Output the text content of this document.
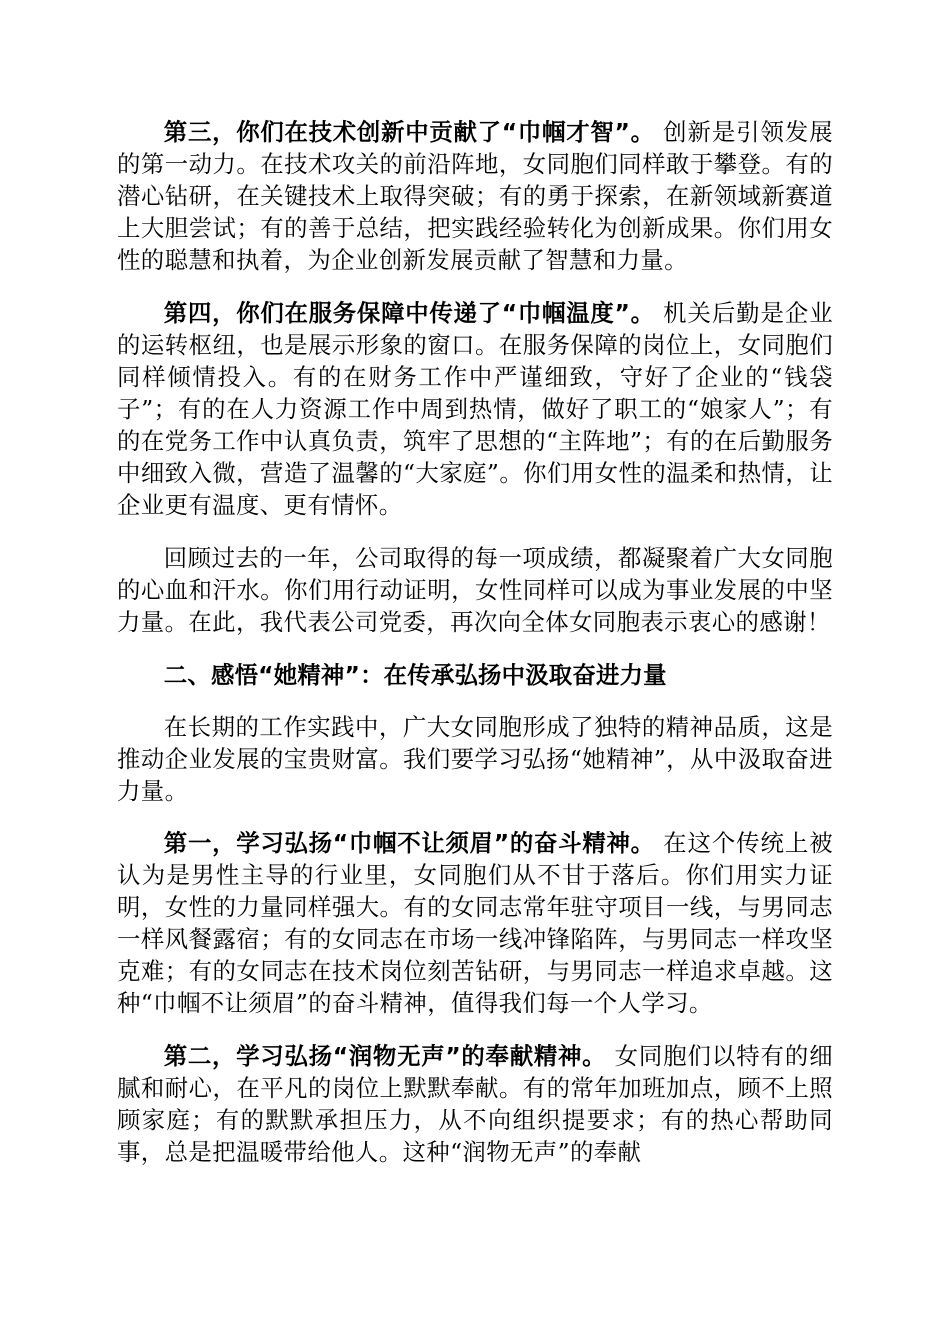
第三，你们在技术创新中贡献了“巾帼才智”。 创新是引领发展的第一动力。在技术攻关的前沿阵地，女同胞们同样敢于攀登。有的潜心钻研，在关键技术上取得突破；有的勇于探索，在新领域新赛道上大胆尝试；有的善于总结，把实践经验转化为创新成果。你们用女性的聪慧和执着，为企业创新发展贡献了智慧和力量。

第四，你们在服务保障中传递了“巾帼温度”。 机关后勤是企业的运转枢纽，也是展示形象的窗口。在服务保障的岗位上，女同胞们同样倾情投入。有的在财务工作中严谨细致，守好了企业的“钱袋子”；有的在人力资源工作中周到热情，做好了职工的“娘家人”；有的在党务工作中认真负责，筑牢了思想的“主阵地”；有的在后勤服务中细致入微，营造了温馨的“大家庭”。你们用女性的温柔和热情，让企业更有温度、更有情怀。

回顾过去的一年，公司取得的每一项成绩，都凝聚着广大女同胞的心血和汗水。你们用行动证明，女性同样可以成为事业发展的中坚力量。在此，我代表公司党委，再次向全体女同胞表示衷心的感谢！

二、感悟“她精神”：在传承弘扬中汲取奋进力量

在长期的工作实践中，广大女同胞形成了独特的精神品质，这是推动企业发展的宝贵财富。我们要学习弘扬“她精神”，从中汲取奋进力量。

第一，学习弘扬“巾帼不让须眉”的奋斗精神。 在这个传统上被认为是男性主导的行业里，女同胞们从不甘于落后。你们用实力证明，女性的力量同样强大。有的女同志常年驻守项目一线，与男同志一样风餐露宿；有的女同志在市场一线冲锋陷阵，与男同志一样攻坚克难；有的女同志在技术岗位刻苦钻研，与男同志一样追求卓越。这种“巾帼不让须眉”的奋斗精神，值得我们每一个人学习。

第二，学习弘扬“润物无声”的奉献精神。 女同胞们以特有的细腻和耐心，在平凡的岗位上默默奉献。有的常年加班加点，顾不上照顾家庭；有的默默承担压力，从不向组织提要求；有的热心帮助同事，总是把温暖带给他人。这种“润物无声”的奉献
